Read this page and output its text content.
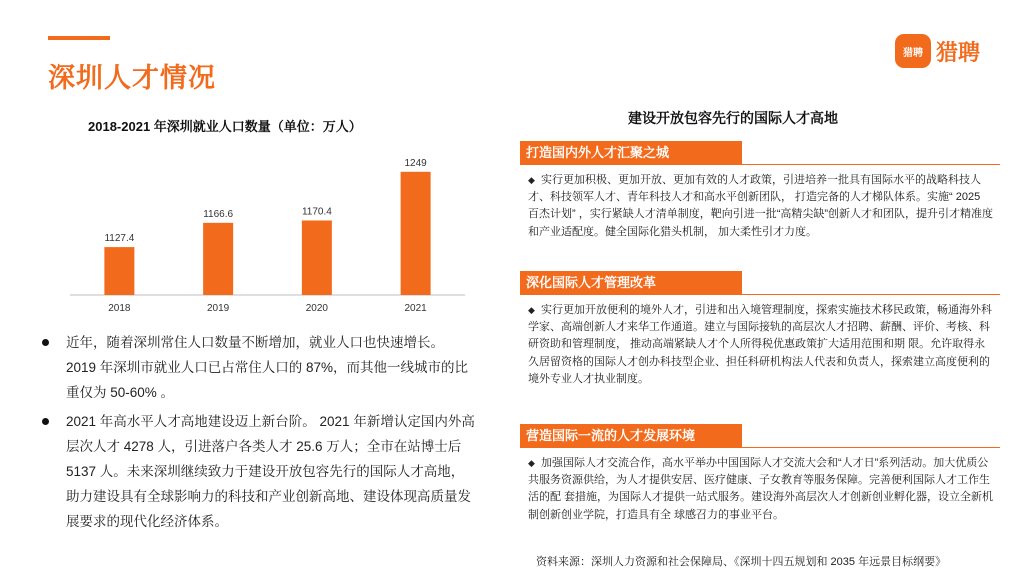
深圳人才情况
猎聘 猎聘
2018-2021 年深圳就业人口数量（单位：万人）
1127.4
2018
1166.6
2019
1170.4
2020
1249
2021
近年，随着深圳常住人口数量不断增加，就业人口也快速增长。 2019 年深圳市就业人口已占常住人口的 87%，而其他一线城市的比重仅为 50-60% 。
2021 年高水平人才高地建设迈上新台阶。 2021 年新增认定国内外高层次人才 4278 人，引进落户各类人才 25.6 万人；全市在站博士后 5137 人。未来深圳继续致力于建设开放包容先行的国际人才高地，助力建设具有全球影响力的科技和产业创新高地、建设体现高质量发展要求的现代化经济体系。
建设开放包容先行的国际人才高地
打造国内外人才汇聚之城
◆ 实行更加积极、更加开放、更加有效的人才政策，引进培养一批具有国际水平的战略科技人才、科技领军人才、青年科技人才和高水平创新团队， 打造完备的人才梯队体系。实施“ 2025 百杰计划” ，实行紧缺人才清单制度，靶向引进一批“高精尖缺”创新人才和团队，提升引才精准度和产业适配度。健全国际化猎头机制， 加大柔性引才力度。
深化国际人才管理改革
◆ 实行更加开放便利的境外人才，引进和出入境管理制度，探索实施技术移民政策，畅通海外科学家、高端创新人才来华工作通道。建立与国际接轨的高层次人才招聘、薪酬、评价、考核、科研资助和管理制度， 推动高端紧缺人才个人所得税优惠政策扩大适用范围和期 限。允许取得永久居留资格的国际人才创办科技型企业、担任科研机构法人代表和负责人，探索建立高度便利的境外专业人才执业制度。
营造国际一流的人才发展环境
◆ 加强国际人才交流合作，高水平举办中国国际人才交流大会和“人才日”系列活动。加大优质公共服务资源供给，为人才提供安居、医疗健康、子女教育等服务保障。完善便利国际人才工作生活的配 套措施，为国际人才提供一站式服务。建设海外高层次人才创新创业孵化器，设立全新机制创新创业学院，打造具有全 球感召力的事业平台。
资料来源：深圳人力资源和社会保障局、《深圳十四五规划和 2035 年远景目标纲要》
